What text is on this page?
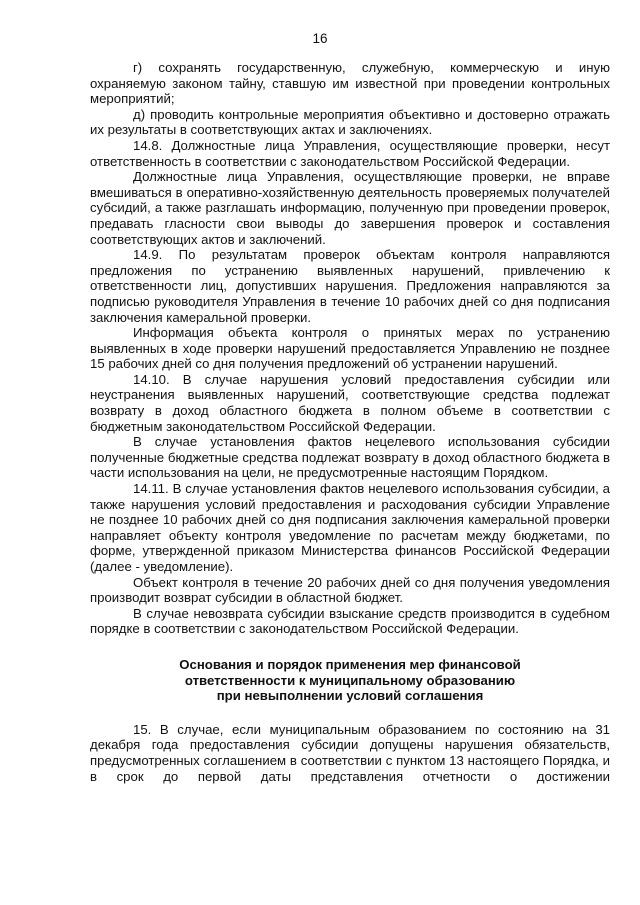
16

г) сохранять государственную, служебную, коммерческую и иную охраняемую законом тайну, ставшую им известной при проведении контрольных мероприятий;

д) проводить контрольные мероприятия объективно и достоверно отражать их результаты в соответствующих актах и заключениях.

14.8. Должностные лица Управления, осуществляющие проверки, несут ответственность в соответствии с законодательством Российской Федерации.

Должностные лица Управления, осуществляющие проверки, не вправе вмешиваться в оперативно-хозяйственную деятельность проверяемых получателей субсидий, а также разглашать информацию, полученную при проведении проверок, предавать гласности свои выводы до завершения проверок и составления соответствующих актов и заключений.

14.9. По результатам проверок объектам контроля направляются предложения по устранению выявленных нарушений, привлечению к ответственности лиц, допустивших нарушения. Предложения направляются за подписью руководителя Управления в течение 10 рабочих дней со дня подписания заключения камеральной проверки.

Информация объекта контроля о принятых мерах по устранению выявленных в ходе проверки нарушений предоставляется Управлению не позднее 15 рабочих дней со дня получения предложений об устранении нарушений.

14.10. В случае нарушения условий предоставления субсидии или неустранения выявленных нарушений, соответствующие средства подлежат возврату в доход областного бюджета в полном объеме в соответствии с бюджетным законодательством Российской Федерации.

В случае установления фактов нецелевого использования субсидии полученные бюджетные средства подлежат возврату в доход областного бюджета в части использования на цели, не предусмотренные настоящим Порядком.

14.11. В случае установления фактов нецелевого использования субсидии, а также нарушения условий предоставления и расходования субсидии Управление не позднее 10 рабочих дней со дня подписания заключения камеральной проверки направляет объекту контроля уведомление по расчетам между бюджетами, по форме, утвержденной приказом Министерства финансов Российской Федерации (далее - уведомление).

Объект контроля в течение 20 рабочих дней со дня получения уведомления производит возврат субсидии в областной бюджет.

В случае невозврата субсидии взыскание средств производится в судебном порядке в соответствии с законодательством Российской Федерации.

Основания и порядок применения мер финансовой
ответственности к муниципальному образованию
при невыполнении условий соглашения

15. В случае, если муниципальным образованием по состоянию на 31 декабря года предоставления субсидии допущены нарушения обязательств, предусмотренных соглашением в соответствии с пунктом 13 настоящего Порядка, и в срок до первой даты представления отчетности о достижении
